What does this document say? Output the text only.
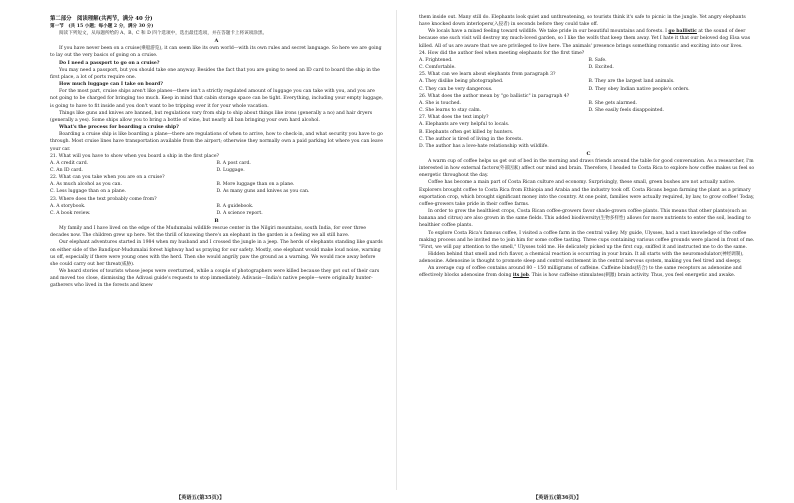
第二部分　阅读理解(共两节，满分 40 分)

第一节　(共 15 小题；每小题 2 分，满分 30 分)

阅读下列短文，从每题所给的 A、B、C 和 D 四个选项中，选出最佳选项，并在答题卡上将该项涂黑。

A

If you have never been on a cruise(乘船游览), it can seem like its own world—with its own rules and secret language. So here we are going to lay out the very basics of going on a cruise.

Do I need a passport to go on a cruise?

You may need a passport, but you should take one anyway. Besides the fact that you are going to need an ID card to board the ship in the first place, a lot of ports require one.

How much luggage can I take on board?

For the most part, cruise ships aren't like planes—there isn't a strictly regulated amount of luggage you can take with you, and you are not going to be charged for bringing too much. Keep in mind that cabin storage space can be tight. Everything, including your empty luggage, is going to have to fit inside and you don't want to be tripping over it for your whole vacation.

Things like guns and knives are banned, but regulations vary from ship to ship about things like irons (generally a no) and hair dryers (generally a yes). Some ships allow you to bring a bottle of wine, but nearly all ban bringing your own hard alcohol.

What's the process for boarding a cruise ship?

Boarding a cruise ship is like boarding a plane—there are regulations of when to arrive, how to check-in, and what security you have to go through. Most cruise lines have transportation available from the airport; otherwise they normally own a paid parking lot where you can leave your car.

21. What will you have to show when you board a ship in the first place?

A. A credit card.	B. A post card.
C. An ID card.	D. Luggage.

22. What can you take when you are on a cruise?

A. As much alcohol as you can.	B. More luggage than on a plane.
C. Less luggage than on a plane.	D. As many guns and knives as you can.

23. Where does the text probably come from?

A. A storybook.	B. A guidebook.
C. A book review.	D. A science report.
B

My family and I have lived on the edge of the Mudumalai wildlife rescue center in the Nilgiri mountains, south India, for over three decades now. The children grew up here. Yet the thrill of knowing there's an elephant in the garden is a feeling we all still have.

Our elephant adventures started in 1984 when my husband and I crossed the jungle in a jeep. The herds of elephants standing like guards on either side of the Bandipur-Mudumalai forest highway had us praying for our safety. Mostly, one elephant would make loud noise, warning us off, especially if there were young ones with the herd. Then she would angrily paw the ground as a warning. We would race away before she could carry out her threat(威胁).

We heard stories of tourists whose jeeps were overturned, while a couple of photographers were killed because they got out of their cars and moved too close, dismissing the Adivasi guide's requests to stop immediately. Adivasis—India's native people—were originally hunter-gatherers who lived in the forests and knew

【英语五(第35页)】

them inside out. Many still do. Elephants look quiet and unthreatening, so tourists think it's safe to picnic in the jungle. Yet angry elephants have knocked down interlopers(入侵者) in seconds before they could take off.

We locals have a mixed feeling toward wildlife. We take pride in our beautiful mountains and forests. I go ballistic at the sound of deer because one such visit will destroy my much-loved garden, so I like the wolfs that keep them away. Yet I hate it that our beloved dog Elsa was killed. All of us are aware that we are privileged to live here. The animals' presence brings something romantic and exciting into our lives.

24. How did the author feel when meeting elephants for the first time?

A. Frightened.	B. Safe.
C. Comfortable.	D. Excited.

25. What can we learn about elephants from paragraph 3?

A. They dislike being photographed.	B. They are the largest land animals.
C. They can be very dangerous.	D. They obey Indian native people's orders.

26. What does the author mean by "go ballistic" in paragraph 4?

A. She is touched.	B. She gets alarmed.
C. She learns to stay calm.	D. She easily feels disappointed.

27. What does the text imply?

A. Elephants are very helpful to locals.

B. Elephants often get killed by hunters.

C. The author is tired of living in the forests.

D. The author has a love-hate relationship with wildlife.

C

A warm cup of coffee helps us get out of bed in the morning and draws friends around the table for good conversation. As a researcher, I'm interested in how external factors(外部因素) affect our mind and brain. Therefore, I headed to Costa Rica to explore how coffee makes us feel so energetic throughout the day.

Coffee has become a main part of Costa Rican culture and economy. Surprisingly, these small, green bushes are not actually native. Explorers brought coffee to Costa Rica from Ethiopia and Arabia and the industry took off. Costa Ricans began farming the plant as a primary exportation crop, which brought significant money into the country. At one point, families were actually required, by law, to grow coffee! Today, coffee-growers take pride in their coffee farms.

In order to grow the healthiest crops, Costa Rican coffee-growers favor shade-grown coffee plants. This means that other plants(such as banana and citrus) are also grown in the same fields. This added biodiversity(生物多样性) allows for more nutrients to enter the soil, leading to healthier coffee plants.

To explore Costa Rica's famous coffee, I visited a coffee farm in the central valley. My guide, Ulysses, had a vast knowledge of the coffee making process and he invited me to join him for some coffee tasting. Three cups containing various coffee grounds were placed in front of me. "First, we will pay attention to the smell," Ulysses told me. He delicately picked up the first cup, sniffed it and instructed me to do the same.

Hidden behind that smell and rich flavor, a chemical reaction is occurring in your brain. It all starts with the neuromodulator(神经调制), adenosine. Adenosine is thought to promote sleep and control excitement in the central nervous system, making you feel tired and sleepy.

An average cup of coffee contains around 80 – 150 milligrams of caffeine. Caffeine binds(结合) to the same receptors as adenosine and effectively blocks adenosine from doing its job. This is how caffeine stimulates(刺激) brain activity. Thus, you feel energetic and awake.

【英语五(第36页)】
